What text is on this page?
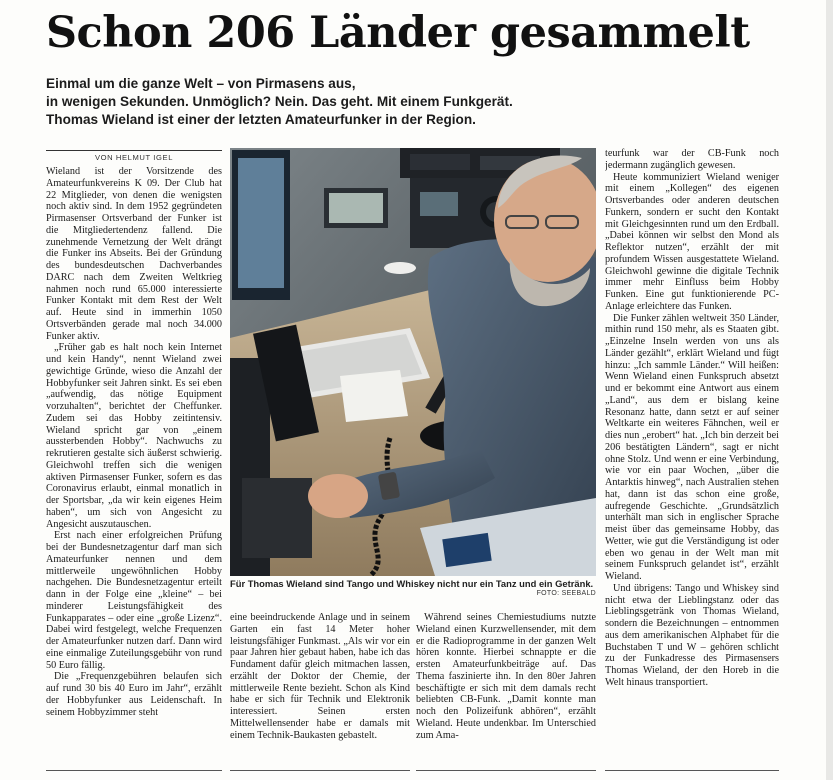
Schon 206 Länder gesammelt
Einmal um die ganze Welt – von Pirmasens aus,
in wenigen Sekunden. Unmöglich? Nein. Das geht. Mit einem Funkgerät.
Thomas Wieland ist einer der letzten Amateurfunker in der Region.
VON HELMUT IGEL

Wieland ist der Vorsitzende des Amateurfunkvereins K 09. Der Club hat 22 Mitglieder, von denen die wenigsten noch aktiv sind. In dem 1952 gegründeten Pirmasenser Ortsverband der Funker ist die Mitgliedertendenz fallend. Die zunehmende Vernetzung der Welt drängt die Funker ins Abseits. Bei der Gründung des bundesdeutschen Dachverbandes DARC nach dem Zweiten Weltkrieg nahmen noch rund 65.000 interessierte Funker Kontakt mit dem Rest der Welt auf. Heute sind in immerhin 1050 Ortsverbänden gerade mal noch 34.000 Funker aktiv.

„Früher gab es halt noch kein Internet und kein Handy“, nennt Wieland zwei gewichtige Gründe, wieso die Anzahl der Hobbyfunker seit Jahren sinkt. Es sei eben „aufwendig, das nötige Equipment vorzuhalten“, berichtet der Cheffunker. Zudem sei das Hobby zeitintensiv. Wieland spricht gar von „einem aussterbenden Hobby“. Nachwuchs zu rekrutieren gestalte sich äußerst schwierig. Gleichwohl treffen sich die wenigen aktiven Pirmasenser Funker, sofern es das Coronavirus erlaubt, einmal monatlich in der Sportsbar, „da wir kein eigenes Heim haben“, um sich von Angesicht zu Angesicht auszutauschen.

Erst nach einer erfolgreichen Prüfung bei der Bundesnetzagentur darf man sich Amateurfunker nennen und dem mittlerweile ungewöhnlichen Hobby nachgehen. Die Bundesnetzagentur erteilt dann in der Folge eine „kleine“ – bei minderer Leistungsfähigkeit des Funkapparates – oder eine „große Lizenz“. Dabei wird festgelegt, welche Frequenzen der Amateurfunker nutzen darf. Dann wird eine einmalige Zuteilungsgebühr von rund 50 Euro fällig.

Die „Frequenzgebühren belaufen sich auf rund 30 bis 40 Euro im Jahr“, erzählt der Hobbyfunker aus Leidenschaft. In seinem Hobbyzimmer steht

Für Thomas Wieland sind Tango und Whiskey nicht nur ein Tanz und ein Getränk.
FOTO: SEEBALD

eine beeindruckende Anlage und in seinem Garten ein fast 14 Meter hoher leistungsfähiger Funkmast. „Als wir vor ein paar Jahren hier gebaut haben, habe ich das Fundament dafür gleich mitmachen lassen, erzählt der Doktor der Chemie, der mittlerweile Rente bezieht. Schon als Kind habe er sich für Technik und Elektronik interessiert. Seinen ersten Mittelwellensender habe er damals mit einem Technik-Baukasten gebastelt.

Während seines Chemiestudiums nutzte Wieland einen Kurzwellensender, mit dem er die Radioprogramme in der ganzen Welt hören konnte. Hierbei schnappte er die ersten Amateurfunkbeiträge auf. Das Thema faszinierte ihn. In den 80er Jahren beschäftigte er sich mit dem damals recht beliebten CB-Funk. „Damit konnte man noch den Polizeifunk abhören“, erzählt Wieland. Heute undenkbar. Im Unterschied zum Ama-

teurfunk war der CB-Funk noch jedermann zugänglich gewesen.

Heute kommuniziert Wieland weniger mit einem „Kollegen“ des eigenen Ortsverbandes oder anderen deutschen Funkern, sondern er sucht den Kontakt mit Gleichgesinnten rund um den Erdball. „Dabei können wir selbst den Mond als Reflektor nutzen“, erzählt der mit profundem Wissen ausgestattete Wieland. Gleichwohl gewinne die digitale Technik immer mehr Einfluss beim Hobby Funken. Eine gut funktionierende PC-Anlage erleichtere das Funken.

Die Funker zählen weltweit 350 Länder, mithin rund 150 mehr, als es Staaten gibt. „Einzelne Inseln werden von uns als Länder gezählt“, erklärt Wieland und fügt hinzu: „Ich sammle Länder.“ Will heißen: Wenn Wieland einen Funkspruch absetzt und er bekommt eine Antwort aus einem „Land“, aus dem er bislang keine Resonanz hatte, dann setzt er auf seiner Weltkarte ein weiteres Fähnchen, weil er dies nun „erobert“ hat. „Ich bin derzeit bei 206 bestätigten Ländern“, sagt er nicht ohne Stolz. Und wenn er eine Verbindung, wie vor ein paar Wochen, „über die Antarktis hinweg“, nach Australien stehen hat, dann ist das schon eine große, aufregende Geschichte. „Grundsätzlich unterhält man sich in englischer Sprache meist über das gemeinsame Hobby, das Wetter, wie gut die Verständigung ist oder eben wo genau in der Welt man mit seinem Funkspruch gelandet ist“, erzählt Wieland.

Und übrigens: Tango und Whiskey sind nicht etwa der Lieblingstanz oder das Lieblingsgetränk von Thomas Wieland, sondern die Bezeichnungen – entnommen aus dem amerikanischen Alphabet für die Buchstaben T und W – gehören schlicht zu der Funkadresse des Pirmasensers Thomas Wieland, der den Horeb in die Welt hinaus transportiert.
